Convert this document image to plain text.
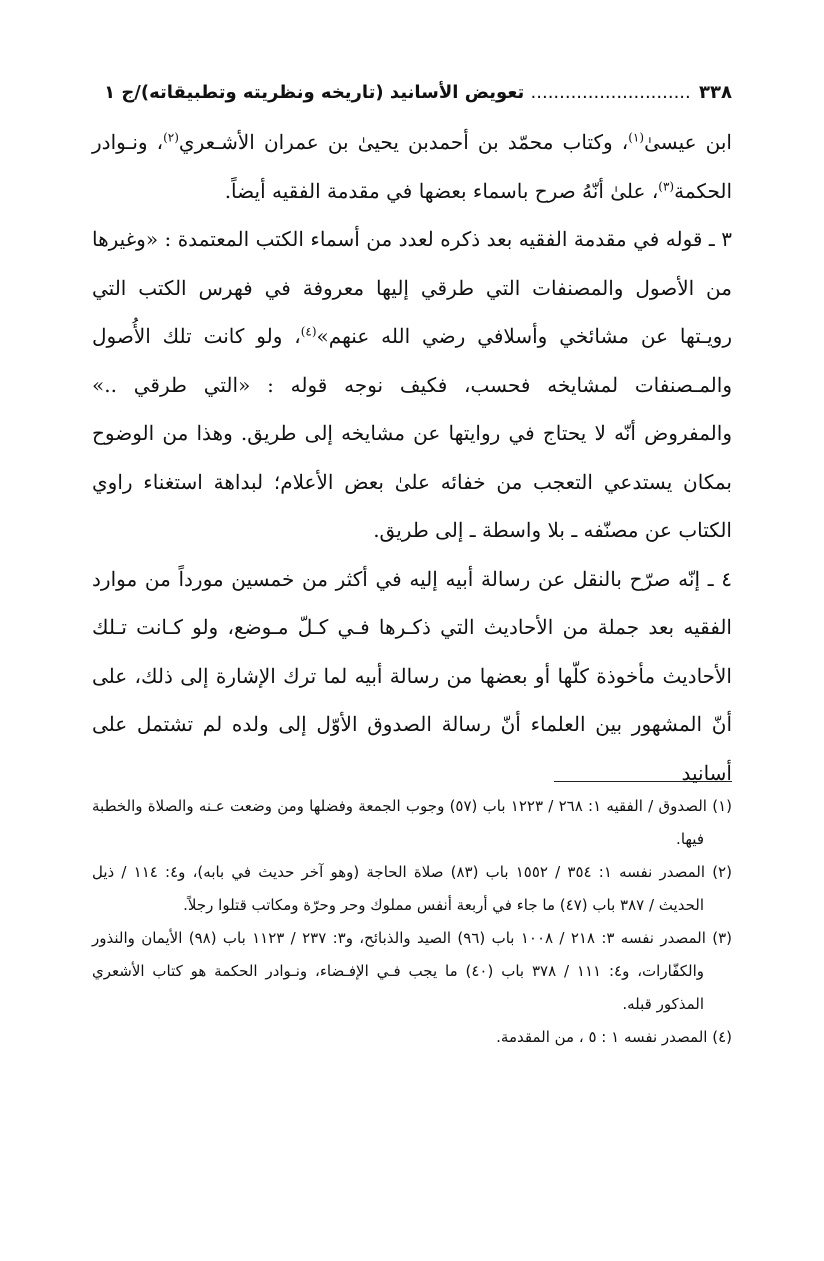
٣٣٨ ............................ تعويض الأسانيد (تاريخه ونظريته وتطبيقاته)/ج ١

ابن عيسىٰ$^{(١)}$، وكتاب محمّد بن أحمدبن يحيىٰ بن عمران الأشـعري$^{(٢)}$، ونـوادر الحكمة$^{(٣)}$، علىٰ أنّهُ صرح باسماء بعضها في مقدمة الفقيه أيضاً.

٣ ـ قوله في مقدمة الفقيه بعد ذكره لعدد من أسماء الكتب المعتمدة : «وغيرها من الأصول والمصنفات التي طرقي إليها معروفة في فهرس الكتب التي رويـتها عن مشائخي وأسلافي رضي الله عنهم»$^{(٤)}$، ولو كانت تلك الأُصول والمـصنفات لمشايخه فحسب، فكيف نوجه قوله : «التي طرقي ..» والمفروض أنّه لا يحتاج في روايتها عن مشايخه إلى طريق. وهذا من الوضوح بمكان يستدعي التعجب من خفائه علىٰ بعض الأعلام؛ لبداهة استغناء راوي الكتاب عن مصنّفه ـ بلا واسطة ـ إلى طريق.

٤ ـ إنّه صرّح بالنقل عن رسالة أبيه إليه في أكثر من خمسين مورداً من موارد الفقيه بعد جملة من الأحاديث التي ذكـرها فـي كـلّ مـوضع، ولو كـانت تـلك الأحاديث مأخوذة كلّها أو بعضها من رسالة أبيه لما ترك الإشارة إلى ذلك، على أنّ المشهور بين العلماء أنّ رسالة الصدوق الأوّل إلى ولده لم تشتمل على أسانيد

(١) الصدوق / الفقيه ١: ٢٦٨ / ١٢٢٣ باب (٥٧) وجوب الجمعة وفضلها ومن وضعت عـنه والصلاة والخطبة فيها.

(٢) المصدر نفسه ١: ٣٥٤ / ١٥٥٢ باب (٨٣) صلاة الحاجة (وهو آخر حديث في بابه)، و٤: ١١٤ / ذيل الحديث / ٣٨٧ باب (٤٧) ما جاء في أربعة أنفس مملوك وحر وحرّة ومكاتب قتلوا رجلاً.

(٣) المصدر نفسه ٣: ٢١٨ / ١٠٠٨ باب (٩٦) الصيد والذبائح، و٣: ٢٣٧ / ١١٢٣ باب (٩٨) الأيمان والنذور والكفّارات، و٤: ١١١ / ٣٧٨ باب (٤٠) ما يجب فـي الإفـضاء، ونـوادر الحكمة هو كتاب الأشعري المذكور قبله.

(٤) المصدر نفسه ١ : ٥ ، من المقدمة.
